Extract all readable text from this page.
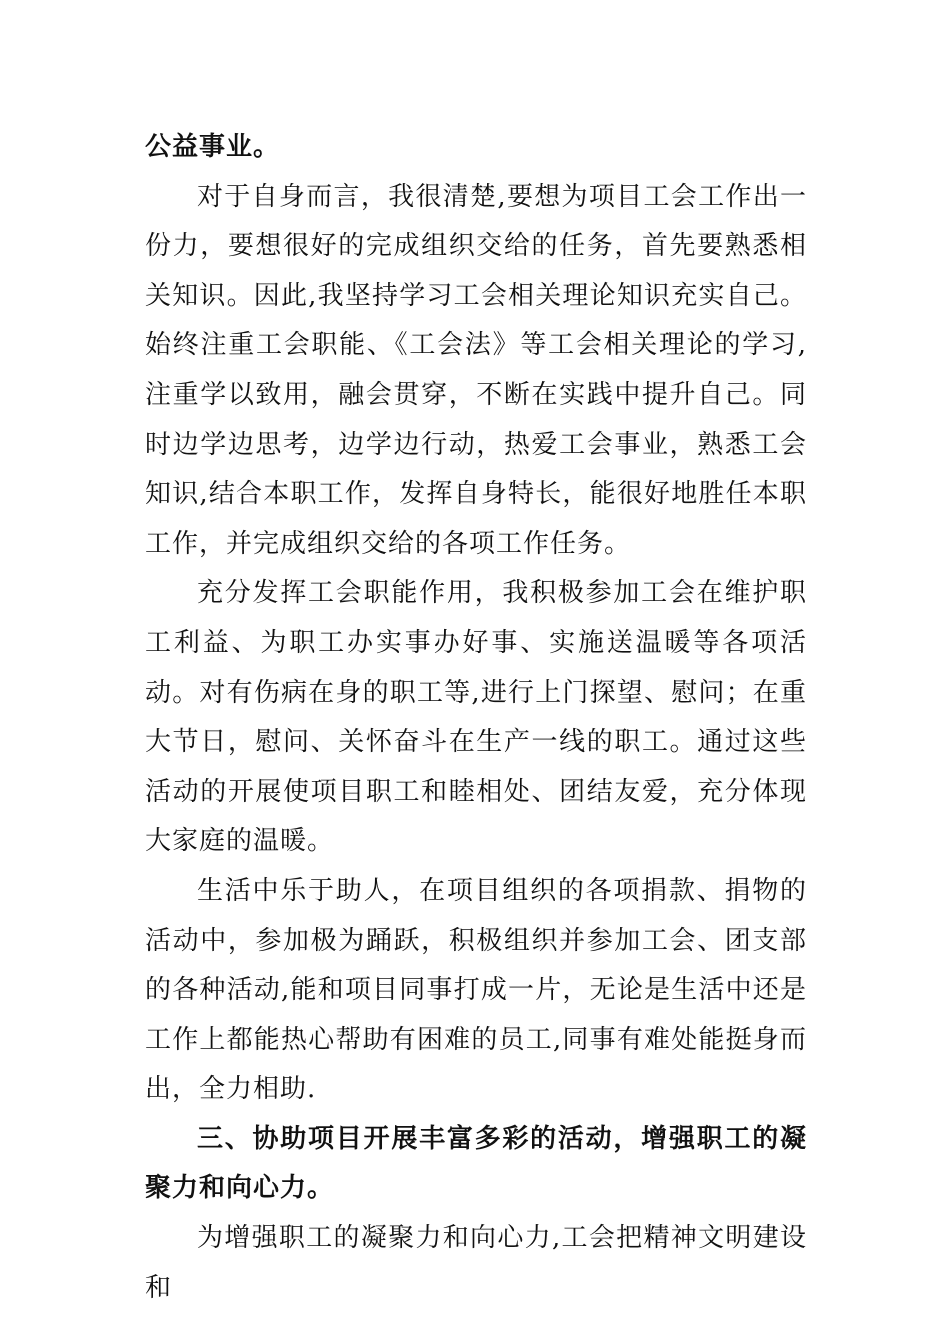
公益事业。

对于自身而言，我很清楚,要想为项目工会工作出一份力，要想很好的完成组织交给的任务，首先要熟悉相关知识。因此,我坚持学习工会相关理论知识充实自己。始终注重工会职能、《工会法》等工会相关理论的学习,注重学以致用，融会贯穿，不断在实践中提升自己。同时边学边思考，边学边行动，热爱工会事业，熟悉工会知识,结合本职工作，发挥自身特长，能很好地胜任本职工作，并完成组织交给的各项工作任务。

充分发挥工会职能作用，我积极参加工会在维护职工利益、为职工办实事办好事、实施送温暖等各项活动。对有伤病在身的职工等,进行上门探望、慰问；在重大节日，慰问、关怀奋斗在生产一线的职工。通过这些活动的开展使项目职工和睦相处、团结友爱，充分体现大家庭的温暖。

生活中乐于助人，在项目组织的各项捐款、捐物的活动中，参加极为踊跃，积极组织并参加工会、团支部的各种活动,能和项目同事打成一片，无论是生活中还是工作上都能热心帮助有困难的员工,同事有难处能挺身而出，全力相助.

三、协助项目开展丰富多彩的活动，增强职工的凝聚力和向心力。

为增强职工的凝聚力和向心力,工会把精神文明建设和
